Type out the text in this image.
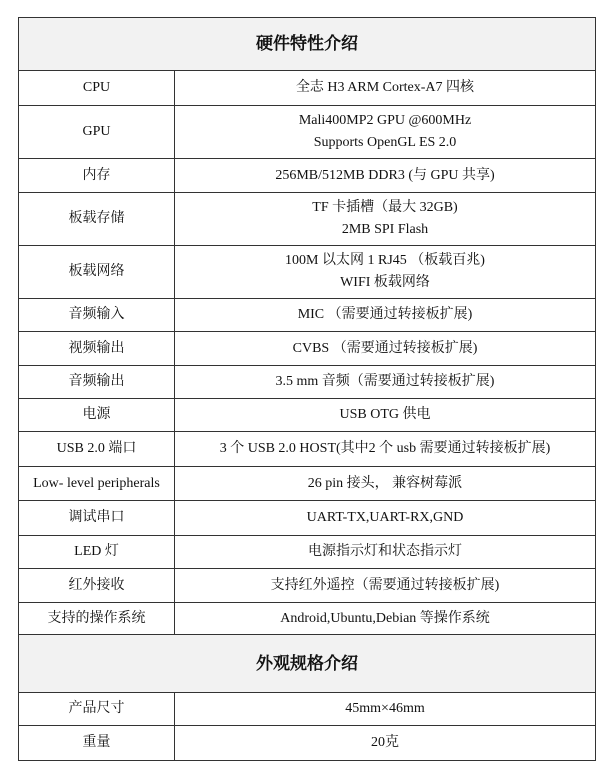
硬件特性介绍	
CPU	全志 H3 ARM Cortex-A7 四核

GPU	Mali400MP2 GPU @600MHz
Supports OpenGL ES 2.0

内存	256MB/512MB DDR3 (与 GPU 共享)

板载存储	TF 卡插槽（最大 32GB)
2MB SPI Flash

板载网络	100M 以太网 1 RJ45 （板载百兆)
WIFI 板载网络

音频输入	MIC （需要通过转接板扩展)

视频输出	CVBS （需要通过转接板扩展)

音频输出	3.5 mm 音频（需要通过转接板扩展)

电源	USB OTG 供电

USB 2.0 端口	3 个 USB 2.0 HOST(其中2 个 usb 需要通过转接板扩展)

Low- level peripherals	26 pin 接头， 兼容树莓派

调试串口	UART-TX,UART-RX,GND

LED 灯	电源指示灯和状态指示灯

红外接收	支持红外遥控（需要通过转接板扩展)

支持的操作系统	Android,Ubuntu,Debian 等操作系统

外观规格介绍	
产品尺寸	45mm×46mm

重量	20克
